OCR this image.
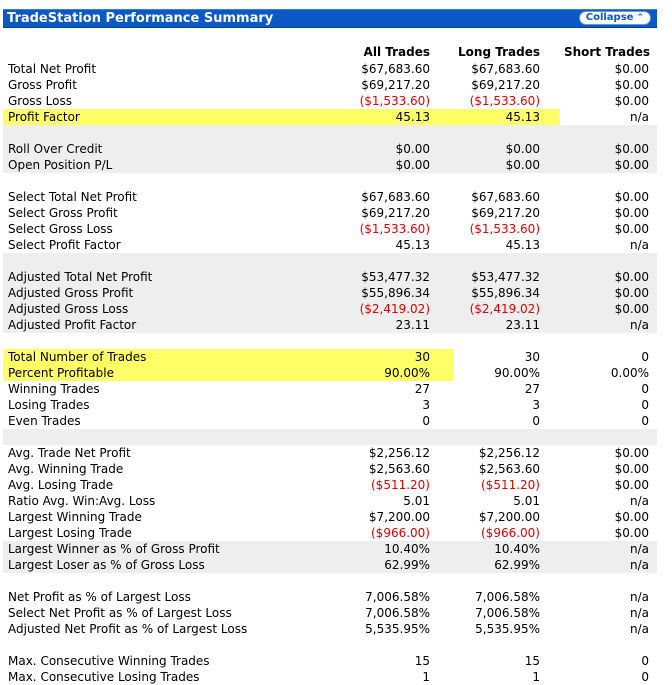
TradeStation Performance Summary	Collapse ⌃
All Trades	Long Trades	Short Trades
Total Net Profit	$67,683.60	$67,683.60	$0.00
Gross Profit	$69,217.20	$69,217.20	$0.00
Gross Loss	($1,533.60)	($1,533.60)	$0.00
Profit Factor	45.13	45.13	n/a
Roll Over Credit	$0.00	$0.00	$0.00
Open Position P/L	$0.00	$0.00	$0.00
Select Total Net Profit	$67,683.60	$67,683.60	$0.00
Select Gross Profit	$69,217.20	$69,217.20	$0.00
Select Gross Loss	($1,533.60)	($1,533.60)	$0.00
Select Profit Factor	45.13	45.13	n/a
Adjusted Total Net Profit	$53,477.32	$53,477.32	$0.00
Adjusted Gross Profit	$55,896.34	$55,896.34	$0.00
Adjusted Gross Loss	($2,419.02)	($2,419.02)	$0.00
Adjusted Profit Factor	23.11	23.11	n/a
Total Number of Trades	30	30	0
Percent Profitable	90.00%	90.00%	0.00%
Winning Trades	27	27	0
Losing Trades	3	3	0
Even Trades	0	0	0
Avg. Trade Net Profit	$2,256.12	$2,256.12	$0.00
Avg. Winning Trade	$2,563.60	$2,563.60	$0.00
Avg. Losing Trade	($511.20)	($511.20)	$0.00
Ratio Avg. Win:Avg. Loss	5.01	5.01	n/a
Largest Winning Trade	$7,200.00	$7,200.00	$0.00
Largest Losing Trade	($966.00)	($966.00)	$0.00
Largest Winner as % of Gross Profit	10.40%	10.40%	n/a
Largest Loser as % of Gross Loss	62.99%	62.99%	n/a
Net Profit as % of Largest Loss	7,006.58%	7,006.58%	n/a
Select Net Profit as % of Largest Loss	7,006.58%	7,006.58%	n/a
Adjusted Net Profit as % of Largest Loss	5,535.95%	5,535.95%	n/a
Max. Consecutive Winning Trades	15	15	0
Max. Consecutive Losing Trades	1	1	0
